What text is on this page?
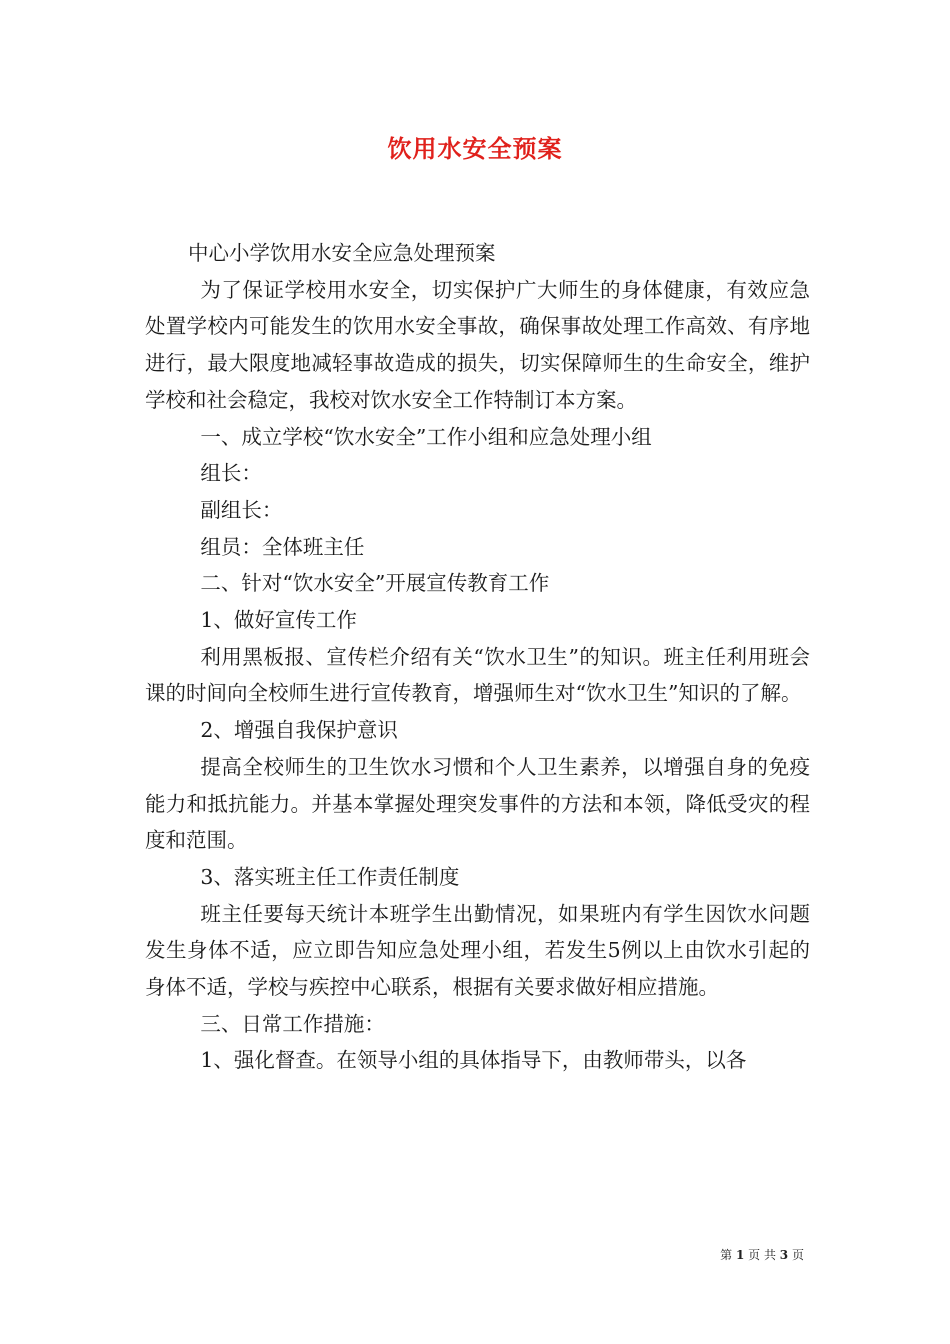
饮用水安全预案

中心小学饮用水安全应急处理预案

为了保证学校用水安全，切实保护广大师生的身体健康，有效应急处置学校内可能发生的饮用水安全事故，确保事故处理工作高效、有序地进行，最大限度地减轻事故造成的损失，切实保障师生的生命安全，维护学校和社会稳定，我校对饮水安全工作特制订本方案。

一、成立学校“饮水安全”工作小组和应急处理小组

组长：

副组长：

组员：全体班主任

二、针对“饮水安全”开展宣传教育工作

1、做好宣传工作

利用黑板报、宣传栏介绍有关“饮水卫生”的知识。班主任利用班会课的时间向全校师生进行宣传教育，增强师生对“饮水卫生”知识的了解。

2、增强自我保护意识

提高全校师生的卫生饮水习惯和个人卫生素养，以增强自身的免疫能力和抵抗能力。并基本掌握处理突发事件的方法和本领，降低受灾的程度和范围。

3、落实班主任工作责任制度

班主任要每天统计本班学生出勤情况，如果班内有学生因饮水问题发生身体不适，应立即告知应急处理小组，若发生5例以上由饮水引起的身体不适，学校与疾控中心联系，根据有关要求做好相应措施。

三、日常工作措施：

1、强化督查。在领导小组的具体指导下，由教师带头，以各

第 1 页 共 3 页
